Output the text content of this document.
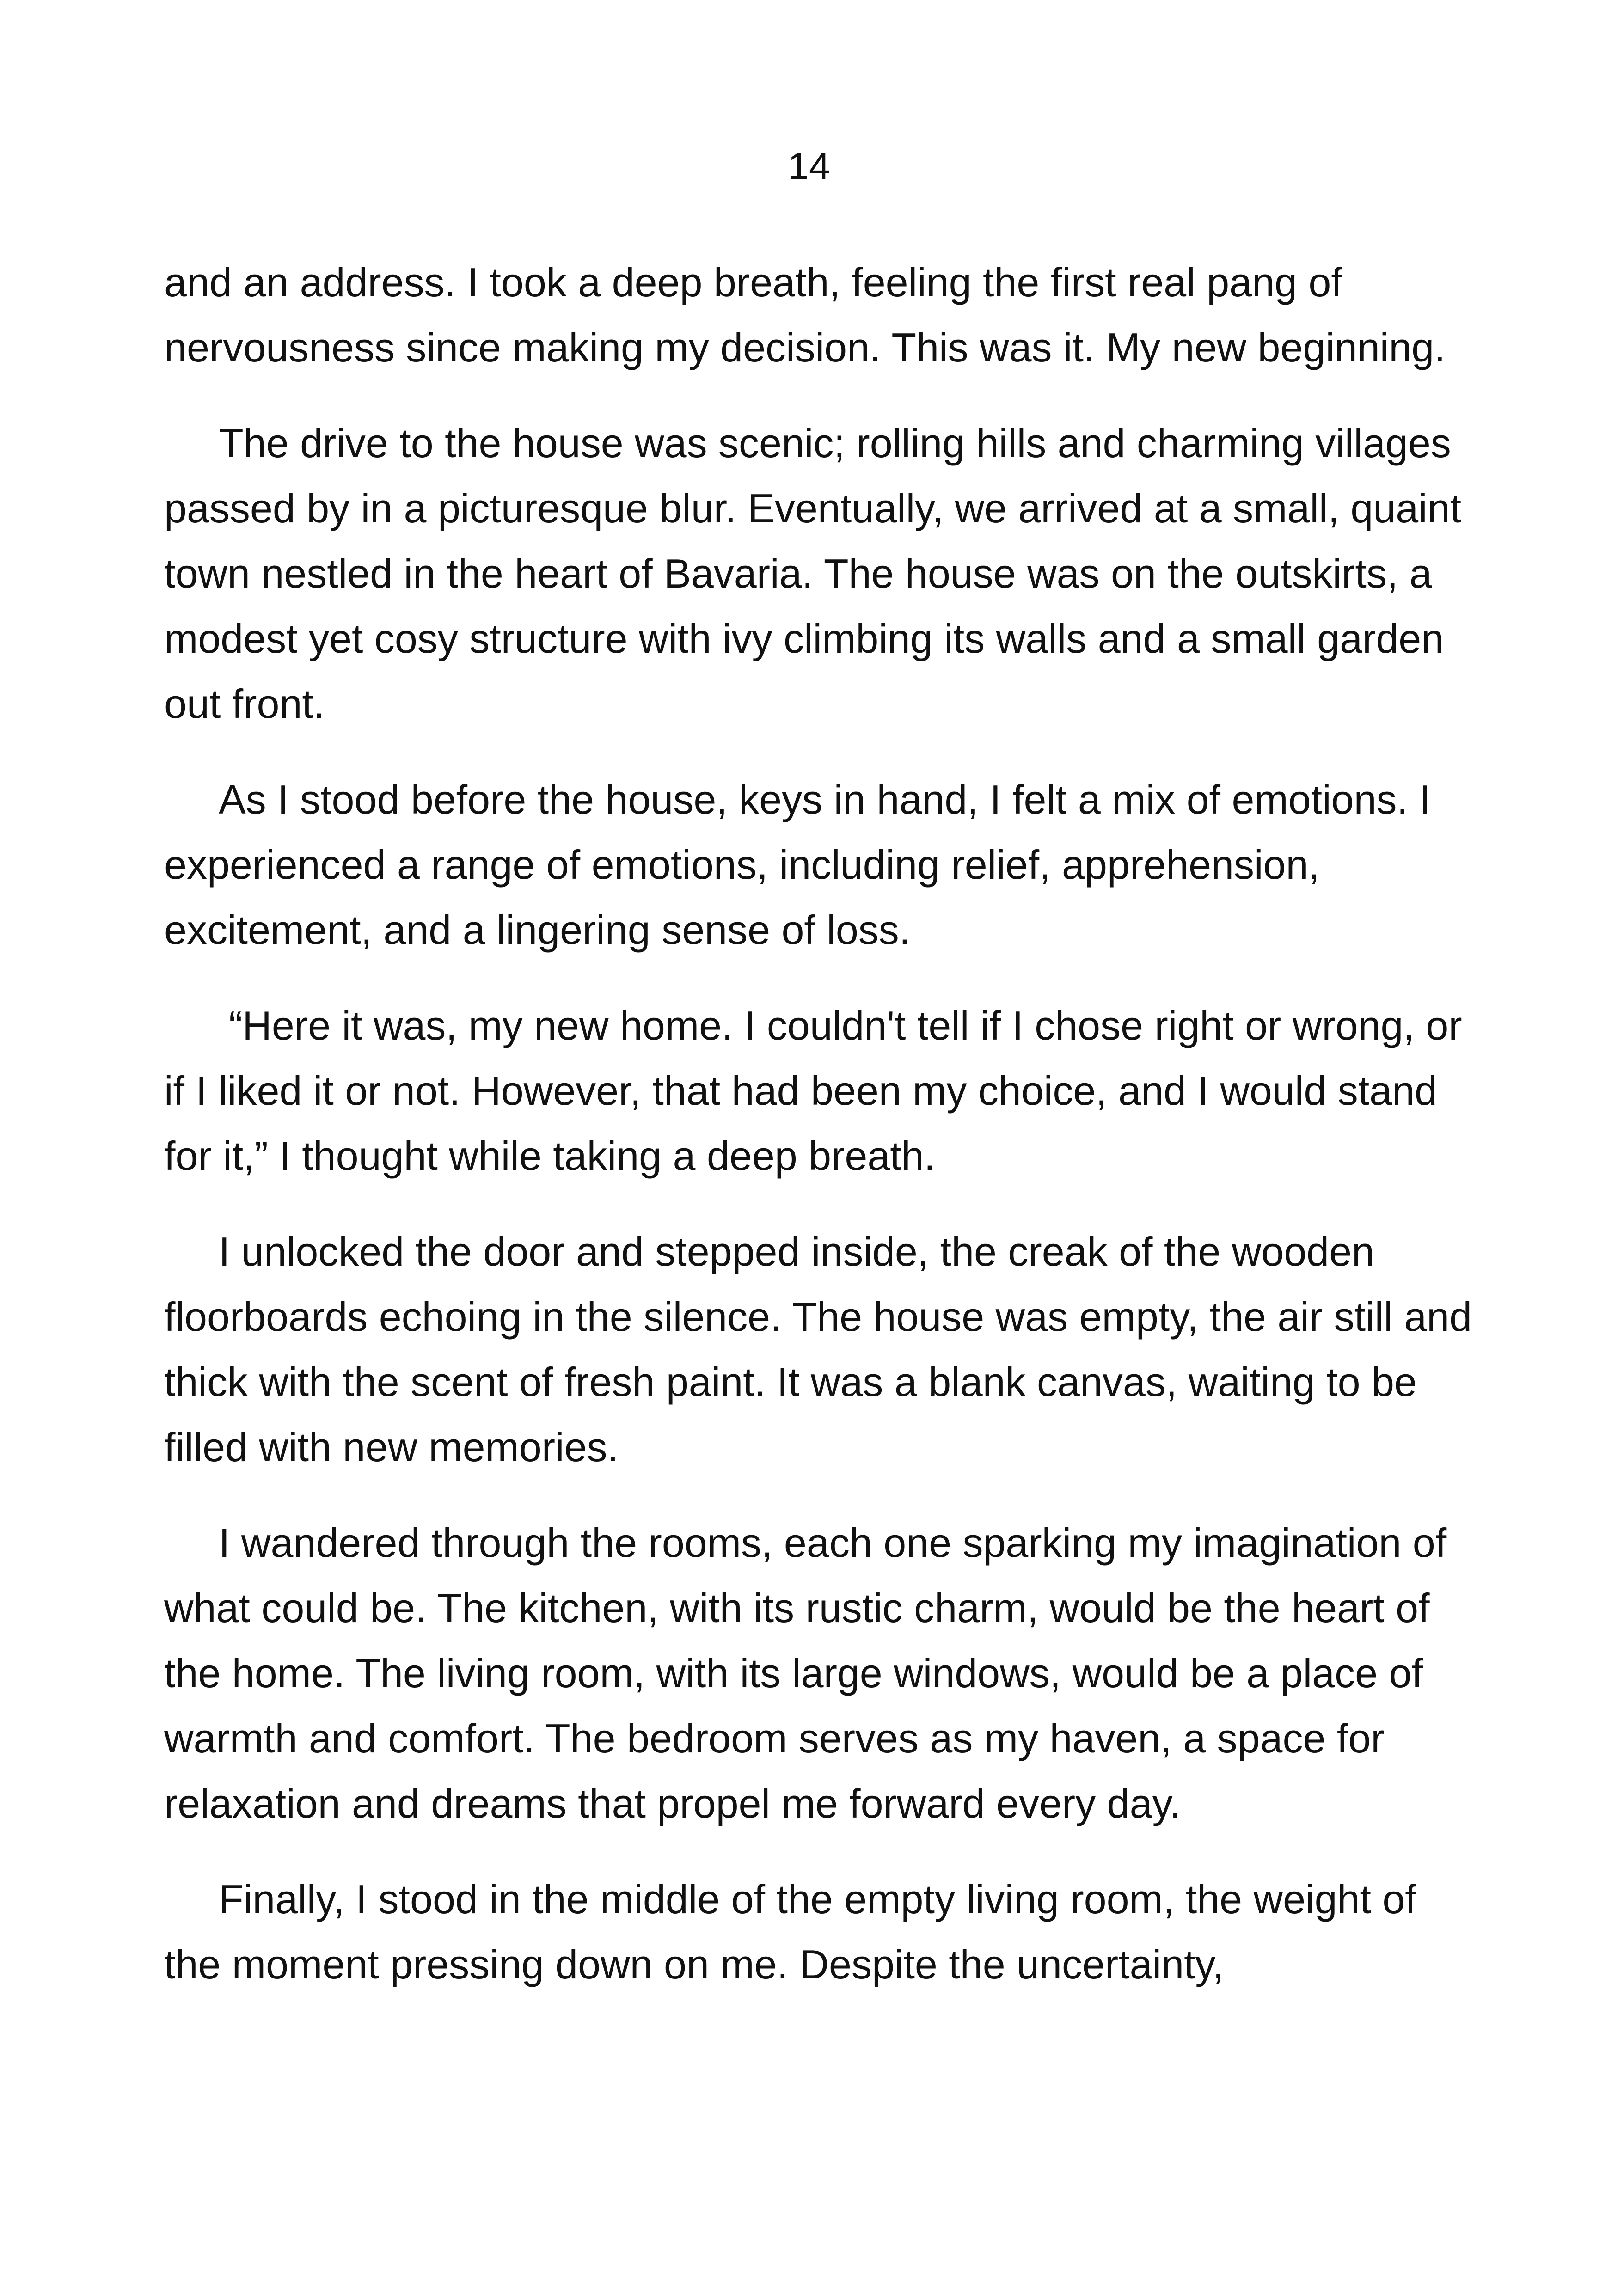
14

and an address. I took a deep breath, feeling the first real pang of nervousness since making my decision. This was it. My new beginning.

The drive to the house was scenic; rolling hills and charming villages passed by in a picturesque blur. Eventually, we arrived at a small, quaint town nestled in the heart of Bavaria. The house was on the outskirts, a modest yet cosy structure with ivy climbing its walls and a small garden out front.

As I stood before the house, keys in hand, I felt a mix of emotions. I experienced a range of emotions, including relief, apprehension, excitement, and a lingering sense of loss.

“Here it was, my new home. I couldn't tell if I chose right or wrong, or if I liked it or not. However, that had been my choice, and I would stand for it,” I thought while taking a deep breath.

I unlocked the door and stepped inside, the creak of the wooden floorboards echoing in the silence. The house was empty, the air still and thick with the scent of fresh paint. It was a blank canvas, waiting to be filled with new memories.

I wandered through the rooms, each one sparking my imagination of what could be. The kitchen, with its rustic charm, would be the heart of the home. The living room, with its large windows, would be a place of warmth and comfort. The bedroom serves as my haven, a space for relaxation and dreams that propel me forward every day.

Finally, I stood in the middle of the empty living room, the weight of the moment pressing down on me. Despite the uncertainty,
